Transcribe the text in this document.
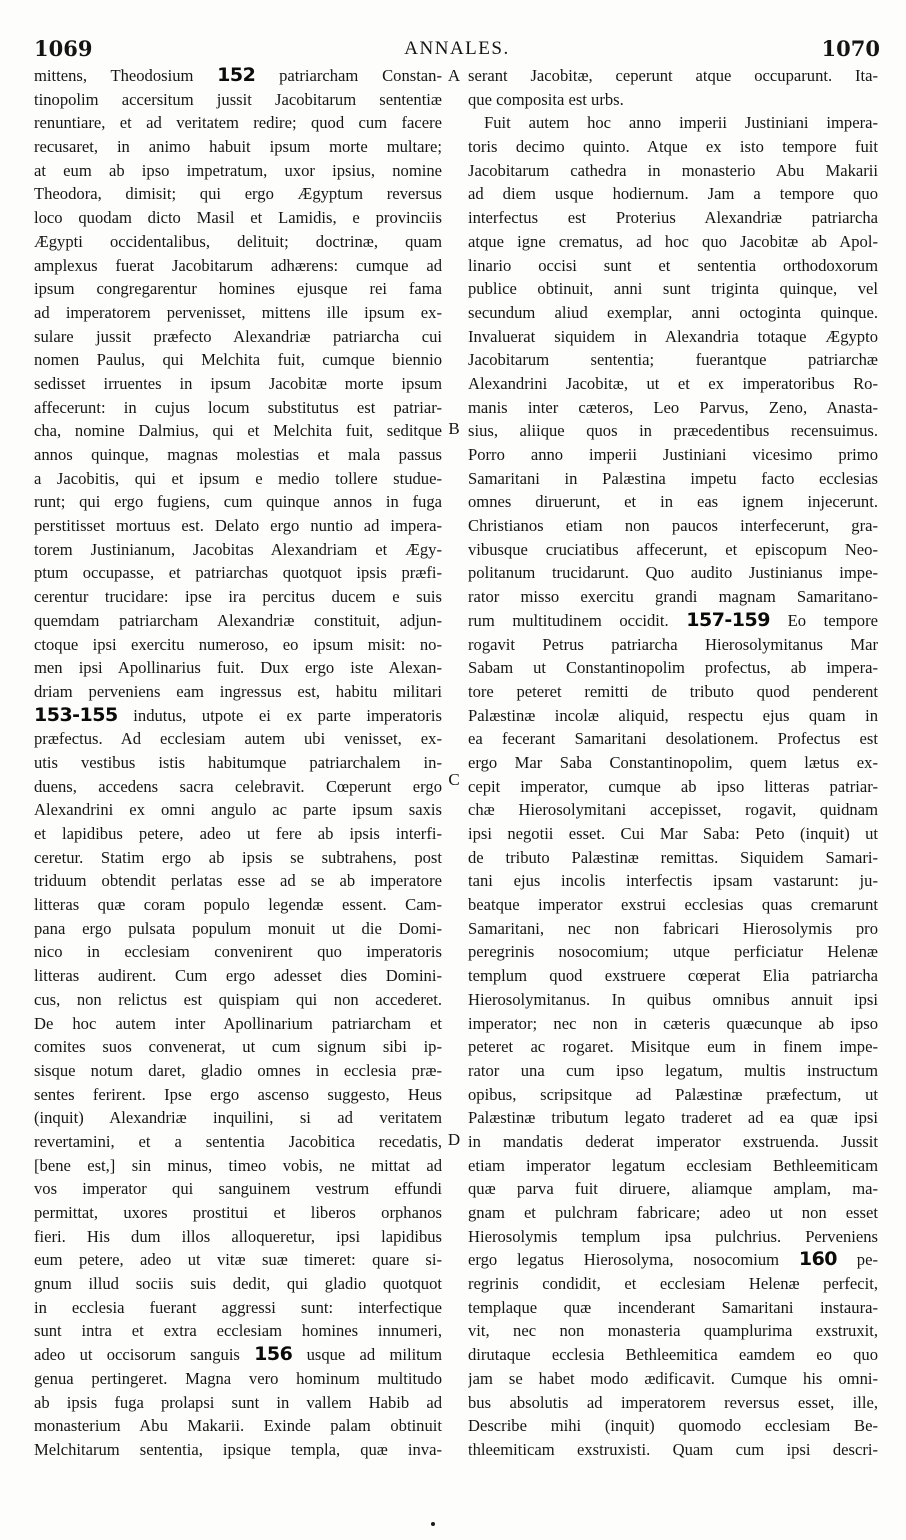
1069	ANNALES.	1070
mittens, Theodosium 152 patriarcham Constan-
tinopolim accersitum jussit Jacobitarum sententiæ
renuntiare, et ad veritatem redire; quod cum facere
recusaret, in animo habuit ipsum morte multare;
at eum ab ipso impetratum, uxor ipsius, nomine
Theodora, dimisit; qui ergo Ægyptum reversus
loco quodam dicto Masil et Lamidis, e provinciis
Ægypti occidentalibus, delituit; doctrinæ, quam
amplexus fuerat Jacobitarum adhærens: cumque ad
ipsum congregarentur homines ejusque rei fama
ad imperatorem pervenisset, mittens ille ipsum ex-
sulare jussit præfecto Alexandriæ patriarcha cui
nomen Paulus, qui Melchita fuit, cumque biennio
sedisset irruentes in ipsum Jacobitæ morte ipsum
affecerunt: in cujus locum substitutus est patriar-
cha, nomine Dalmius, qui et Melchita fuit, seditque
annos quinque, magnas molestias et mala passus
a Jacobitis, qui et ipsum e medio tollere studue-
runt; qui ergo fugiens, cum quinque annos in fuga
perstitisset mortuus est. Delato ergo nuntio ad impera-
torem Justinianum, Jacobitas Alexandriam et Ægy-
ptum occupasse, et patriarchas quotquot ipsis præfi-
cerentur trucidare: ipse ira percitus ducem e suis
quemdam patriarcham Alexandriæ constituit, adjun-
ctoque ipsi exercitu numeroso, eo ipsum misit: no-
men ipsi Apollinarius fuit. Dux ergo iste Alexan-
driam perveniens eam ingressus est, habitu militari
153-155 indutus, utpote ei ex parte imperatoris
præfectus. Ad ecclesiam autem ubi venisset, ex-
utis vestibus istis habitumque patriarchalem in-
duens, accedens sacra celebravit. Cœperunt ergo
Alexandrini ex omni angulo ac parte ipsum saxis
et lapidibus petere, adeo ut fere ab ipsis interfi-
ceretur. Statim ergo ab ipsis se subtrahens, post
triduum obtendit perlatas esse ad se ab imperatore
litteras quæ coram populo legendæ essent. Cam-
pana ergo pulsata populum monuit ut die Domi-
nico in ecclesiam convenirent quo imperatoris
litteras audirent. Cum ergo adesset dies Domini-
cus, non relictus est quispiam qui non accederet.
De hoc autem inter Apollinarium patriarcham et
comites suos convenerat, ut cum signum sibi ip-
sisque notum daret, gladio omnes in ecclesia præ-
sentes ferirent. Ipse ergo ascenso suggesto, Heus
(inquit) Alexandriæ inquilini, si ad veritatem
revertamini, et a sententia Jacobitica recedatis,
[bene est,] sin minus, timeo vobis, ne mittat ad
vos imperator qui sanguinem vestrum effundi
permittat, uxores prostitui et liberos orphanos
fieri. His dum illos alloqueretur, ipsi lapidibus
eum petere, adeo ut vitæ suæ timeret: quare si-
gnum illud sociis suis dedit, qui gladio quotquot
in ecclesia fuerant aggressi sunt: interfectique
sunt intra et extra ecclesiam homines innumeri,
adeo ut occisorum sanguis 156 usque ad militum
genua pertingeret. Magna vero hominum multitudo
ab ipsis fuga prolapsi sunt in vallem Habib ad
monasterium Abu Makarii. Exinde palam obtinuit
Melchitarum sententia, ipsique templa, quæ inva-
serant Jacobitæ, ceperunt atque occuparunt. Ita-
que composita est urbs.
Fuit autem hoc anno imperii Justiniani impera-
toris decimo quinto. Atque ex isto tempore fuit
Jacobitarum cathedra in monasterio Abu Makarii
ad diem usque hodiernum. Jam a tempore quo
interfectus est Proterius Alexandriæ patriarcha
atque igne crematus, ad hoc quo Jacobitæ ab Apol-
linario occisi sunt et sententia orthodoxorum
publice obtinuit, anni sunt triginta quinque, vel
secundum aliud exemplar, anni octoginta quinque.
Invaluerat siquidem in Alexandria totaque Ægypto
Jacobitarum sententia; fuerantque patriarchæ
Alexandrini Jacobitæ, ut et ex imperatoribus Ro-
manis inter cæteros, Leo Parvus, Zeno, Anasta-
sius, aliique quos in præcedentibus recensuimus.
Porro anno imperii Justiniani vicesimo primo
Samaritani in Palæstina impetu facto ecclesias
omnes diruerunt, et in eas ignem injecerunt.
Christianos etiam non paucos interfecerunt, gra-
vibusque cruciatibus affecerunt, et episcopum Neo-
politanum trucidarunt. Quo audito Justinianus impe-
rator misso exercitu grandi magnam Samaritano-
rum multitudinem occidit. 157-159 Eo tempore
rogavit Petrus patriarcha Hierosolymitanus Mar
Sabam ut Constantinopolim profectus, ab impera-
tore peteret remitti de tributo quod penderent
Palæstinæ incolæ aliquid, respectu ejus quam in
ea fecerant Samaritani desolationem. Profectus est
ergo Mar Saba Constantinopolim, quem lætus ex-
cepit imperator, cumque ab ipso litteras patriar-
chæ Hierosolymitani accepisset, rogavit, quidnam
ipsi negotii esset. Cui Mar Saba: Peto (inquit) ut
de tributo Palæstinæ remittas. Siquidem Samari-
tani ejus incolis interfectis ipsam vastarunt: ju-
beatque imperator exstrui ecclesias quas cremarunt
Samaritani, nec non fabricari Hierosolymis pro
peregrinis nosocomium; utque perficiatur Helenæ
templum quod exstruere cœperat Elia patriarcha
Hierosolymitanus. In quibus omnibus annuit ipsi
imperator; nec non in cæteris quæcunque ab ipso
peteret ac rogaret. Misitque eum in finem impe-
rator una cum ipso legatum, multis instructum
opibus, scripsitque ad Palæstinæ præfectum, ut
Palæstinæ tributum legato traderet ad ea quæ ipsi
in mandatis dederat imperator exstruenda. Jussit
etiam imperator legatum ecclesiam Bethleemiticam
quæ parva fuit diruere, aliamque amplam, ma-
gnam et pulchram fabricare; adeo ut non esset
Hierosolymis templum ipsa pulchrius. Perveniens
ergo legatus Hierosolyma, nosocomium 160 pe-
regrinis condidit, et ecclesiam Helenæ perfecit,
templaque quæ incenderant Samaritani instaura-
vit, nec non monasteria quamplurima exstruxit,
dirutaque ecclesia Bethleemitica eamdem eo quo
jam se habet modo ædificavit. Cumque his omni-
bus absolutis ad imperatorem reversus esset, ille,
Describe mihi (inquit) quomodo ecclesiam Be-
thleemiticam exstruxisti. Quam cum ipsi descri-
A
B
C
D
